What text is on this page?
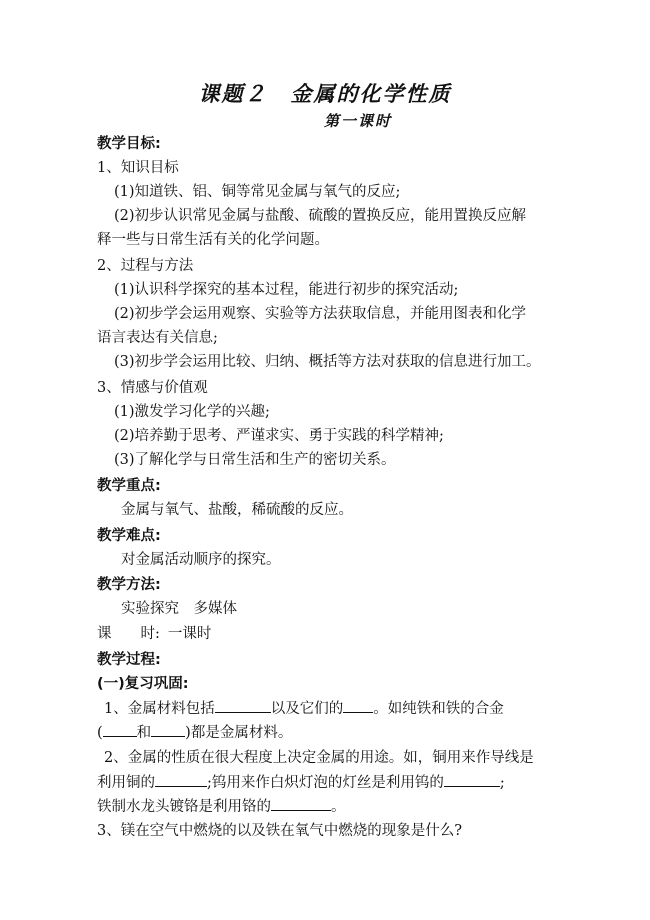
课题２　金属的化学性质
第一课时
教学目标:
1、知识目标
(1)知道铁、铝、铜等常见金属与氧气的反应;
(2)初步认识常见金属与盐酸、硫酸的置换反应，能用置换反应解
释一些与日常生活有关的化学问题。
2、过程与方法
(1)认识科学探究的基本过程，能进行初步的探究活动;
(2)初步学会运用观察、实验等方法获取信息，并能用图表和化学
语言表达有关信息;
(3)初步学会运用比较、归纳、概括等方法对获取的信息进行加工。
3、情感与价值观
(1)激发学习化学的兴趣;
(2)培养勤于思考、严谨求实、勇于实践的科学精神;
(3)了解化学与日常生活和生产的密切关系。
教学重点:
金属与氧气、盐酸，稀硫酸的反应。
教学难点:
对金属活动顺序的探究。
教学方法:
实验探究　多媒体
课　　时: 一课时
教学过程:
(一)复习巩固:
1、金属材料包括	以及它们的 。如纯铁和铁的合金
( 和 )都是金属材料。
2、金属的性质在很大程度上决定金属的用途。如，铜用来作导线是
利用铜的	;钨用来作白炽灯泡的灯丝是利用钨的	;
铁制水龙头镀铬是利用铬的	。
3、镁在空气中燃烧的以及铁在氧气中燃烧的现象是什么?
